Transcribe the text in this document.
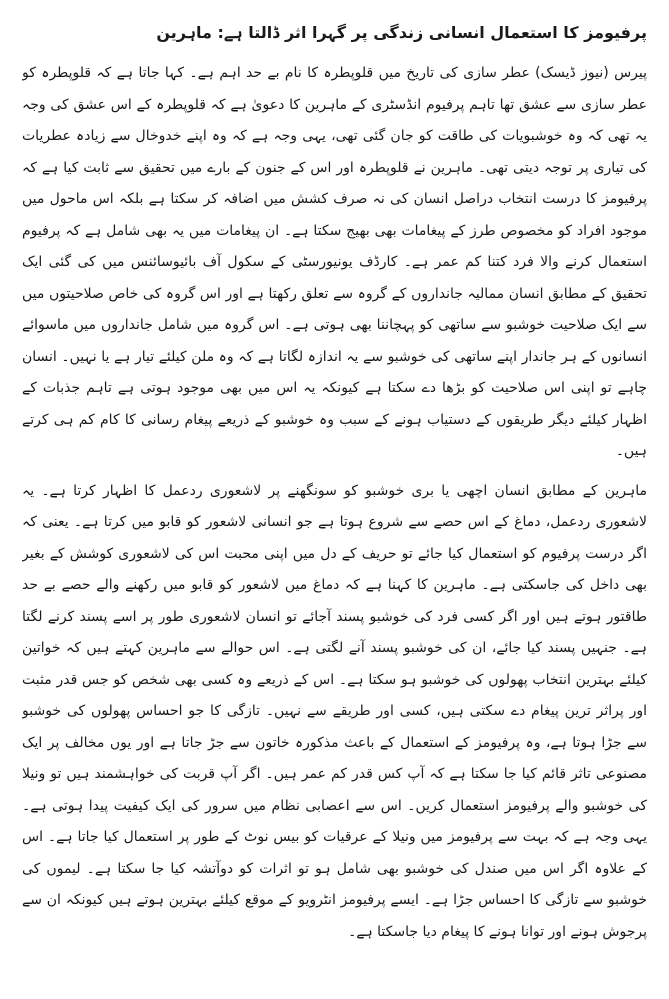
پرفیومز کا استعمال انسانی زندگی پر گہرا اثر ڈالتا ہے: ماہرین

پیرس (نیوز ڈیسک) عطر سازی کی تاریخ میں قلوپطرہ کا نام بے حد اہم ہے۔ کہا جاتا ہے کہ قلوپطرہ کو عطر سازی سے عشق تھا تاہم پرفیوم انڈسٹری کے ماہرین کا دعویٰ ہے کہ قلوپطرہ کے اس عشق کی وجہ یہ تھی کہ وہ خوشبویات کی طاقت کو جان گئی تھی، یہی وجہ ہے کہ وہ اپنے خدوخال سے زیادہ عطریات کی تیاری پر توجہ دیتی تھی۔ ماہرین نے قلوپطرہ اور اس کے جنون کے بارے میں تحقیق سے ثابت کیا ہے کہ پرفیومز کا درست انتخاب دراصل انسان کی نہ صرف کشش میں اضافہ کر سکتا ہے بلکہ اس ماحول میں موجود افراد کو مخصوص طرز کے پیغامات بھی بھیج سکتا ہے۔ ان پیغامات میں یہ بھی شامل ہے کہ پرفیوم استعمال کرنے والا فرد کتنا کم عمر ہے۔ کارڈف یونیورسٹی کے سکول آف بائیوسائنس میں کی گئی ایک تحقیق کے مطابق انسان ممالیہ جانداروں کے گروہ سے تعلق رکھتا ہے اور اس گروہ کی خاص صلاحیتوں میں سے ایک صلاحیت خوشبو سے ساتھی کو پہچاننا بھی ہوتی ہے۔ اس گروہ میں شامل جانداروں میں ماسوائے انسانوں کے ہر جاندار اپنے ساتھی کی خوشبو سے یہ اندازہ لگاتا ہے کہ وہ ملن کیلئے تیار ہے یا نہیں۔ انسان چاہے تو اپنی اس صلاحیت کو بڑھا دے سکتا ہے کیونکہ یہ اس میں بھی موجود ہوتی ہے تاہم جذبات کے اظہار کیلئے دیگر طریقوں کے دستیاب ہونے کے سبب وہ خوشبو کے ذریعے پیغام رسانی کا کام کم ہی کرتے ہیں۔

ماہرین کے مطابق انسان اچھی یا بری خوشبو کو سونگھنے پر لاشعوری ردعمل کا اظہار کرتا ہے۔ یہ لاشعوری ردعمل، دماغ کے اس حصے سے شروع ہوتا ہے جو انسانی لاشعور کو قابو میں کرتا ہے۔ یعنی کہ اگر درست پرفیوم کو استعمال کیا جائے تو حریف کے دل میں اپنی محبت اس کی لاشعوری کوشش کے بغیر بھی داخل کی جاسکتی ہے۔ ماہرین کا کہنا ہے کہ دماغ میں لاشعور کو قابو میں رکھنے والے حصے بے حد طاقتور ہوتے ہیں اور اگر کسی فرد کی خوشبو پسند آجائے تو انسان لاشعوری طور پر اسے پسند کرنے لگتا ہے۔ جنہیں پسند کیا جائے، ان کی خوشبو پسند آنے لگتی ہے۔ اس حوالے سے ماہرین کہتے ہیں کہ خواتین کیلئے بہترین انتخاب پھولوں کی خوشبو ہو سکتا ہے۔ اس کے ذریعے وہ کسی بھی شخص کو جس قدر مثبت اور پراثر ترین پیغام دے سکتی ہیں، کسی اور طریقے سے نہیں۔ تازگی کا جو احساس پھولوں کی خوشبو سے جڑا ہوتا ہے، وہ پرفیومز کے استعمال کے باعث مذکورہ خاتون سے جڑ جاتا ہے اور یوں مخالف پر ایک مصنوعی تاثر قائم کیا جا سکتا ہے کہ آپ کس قدر کم عمر ہیں۔ اگر آپ قربت کی خواہشمند ہیں تو ونیلا کی خوشبو والے پرفیومز استعمال کریں۔ اس سے اعصابی نظام میں سرور کی ایک کیفیت پیدا ہوتی ہے۔ یہی وجہ ہے کہ بہت سے پرفیومز میں ونیلا کے عرقیات کو بیس نوٹ کے طور پر استعمال کیا جاتا ہے۔ اس کے علاوہ اگر اس میں صندل کی خوشبو بھی شامل ہو تو اثرات کو دوآتشہ کیا جا سکتا ہے۔ لیموں کی خوشبو سے تازگی کا احساس جڑا ہے۔ ایسے پرفیومز انٹرویو کے موقع کیلئے بہترین ہوتے ہیں کیونکہ ان سے پرجوش ہونے اور توانا ہونے کا پیغام دیا جاسکتا ہے۔
